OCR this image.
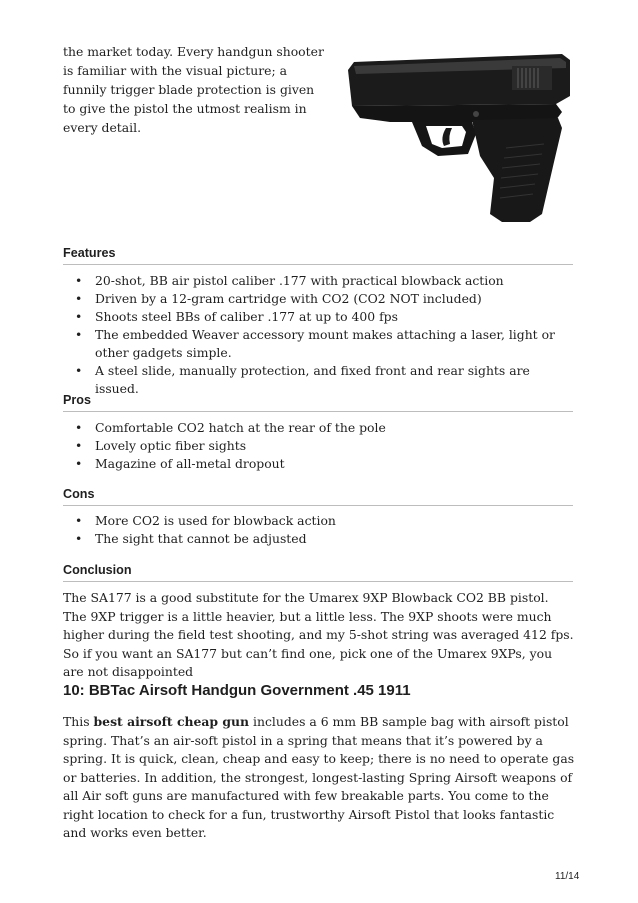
the market today. Every handgun shooter is familiar with the visual picture; a funnily trigger blade protection is given to give the pistol the utmost realism in every detail.

Features
• 20-shot, BB air pistol caliber .177 with practical blowback action
• Driven by a 12-gram cartridge with CO2 (CO2 NOT included)
• Shoots steel BBs of caliber .177 at up to 400 fps
• The embedded Weaver accessory mount makes attaching a laser, light or other gadgets simple.
• A steel slide, manually protection, and fixed front and rear sights are issued.
Pros
• Comfortable CO2 hatch at the rear of the pole
• Lovely optic fiber sights
• Magazine of all-metal dropout
Cons
• More CO2 is used for blowback action
• The sight that cannot be adjusted
Conclusion

The SA177 is a good substitute for the Umarex 9XP Blowback CO2 BB pistol. The 9XP trigger is a little heavier, but a little less. The 9XP shoots were much higher during the field test shooting, and my 5-shot string was averaged 412 fps. So if you want an SA177 but can’t find one, pick one of the Umarex 9XPs, you are not disappointed

10: BBTac Airsoft Handgun Government .45 1911

This best airsoft cheap gun includes a 6 mm BB sample bag with airsoft pistol spring. That’s an air-soft pistol in a spring that means that it’s powered by a spring. It is quick, clean, cheap and easy to keep; there is no need to operate gas or batteries. In addition, the strongest, longest-lasting Spring Airsoft weapons of all Air soft guns are manufactured with few breakable parts. You come to the right location to check for a fun, trustworthy Airsoft Pistol that looks fantastic and works even better.

11/14
